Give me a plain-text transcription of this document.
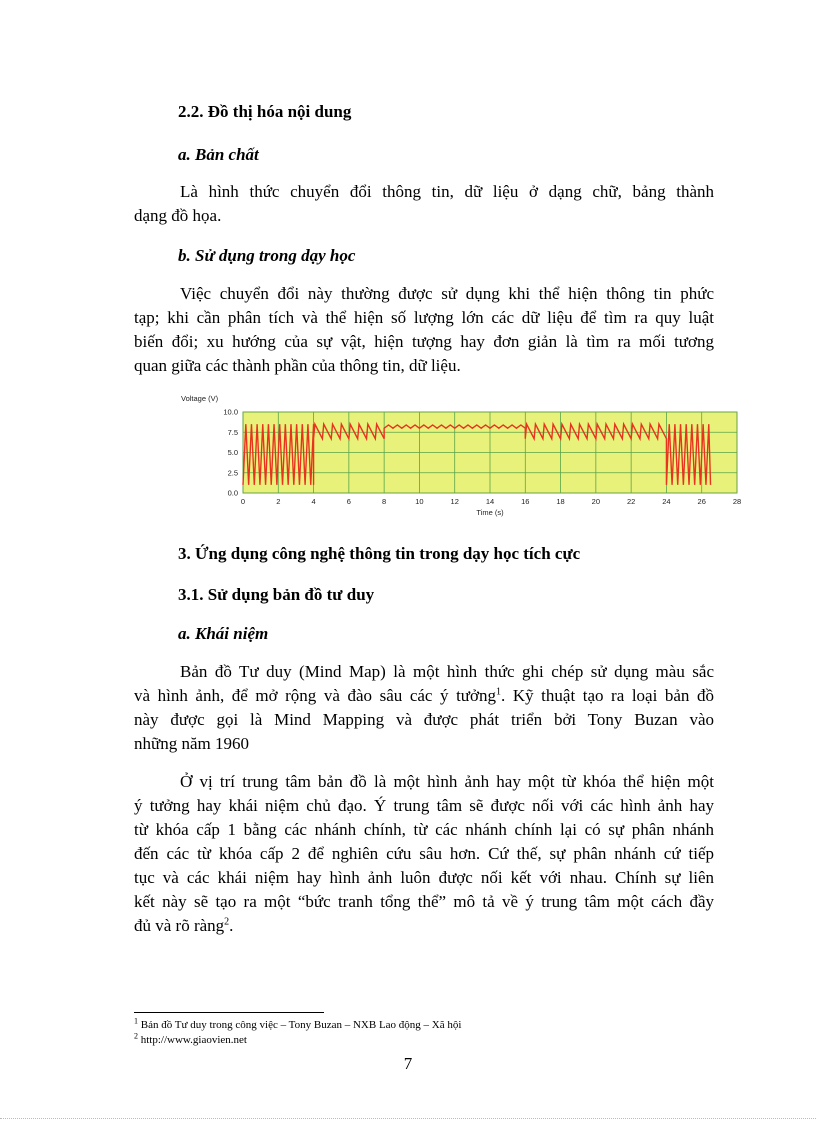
2.2. Đồ thị hóa nội dung
a. Bản chất
Là hình thức chuyển đổi thông tin, dữ liệu ở dạng chữ, bảng thành
dạng đồ họa.
b. Sử dụng trong dạy học
Việc chuyển đổi này thường được sử dụng khi thể hiện thông tin phức
tạp; khi cần phân tích và thể hiện số lượng lớn các dữ liệu để tìm ra quy luật
biến đổi; xu hướng của sự vật, hiện tượng hay đơn giản là tìm ra mối tương
quan giữa các thành phần của thông tin, dữ liệu.
Voltage (V)
10.0
7.5
5.0
2.5
0.0
0	2	4	6	8	10	12	14	16	18	20	22	24	26	28
Time (s)
3. Ứng dụng công nghệ thông tin trong dạy học tích cực
3.1. Sử dụng bản đồ tư duy
a. Khái niệm
Bản đồ Tư duy (Mind Map) là một hình thức ghi chép sử dụng màu sắc
và hình ảnh, để mở rộng và đào sâu các ý tưởng$^1$. Kỹ thuật tạo ra loại bản đồ
này được gọi là Mind Mapping và được phát triển bởi Tony Buzan vào
những năm 1960
Ở vị trí trung tâm bản đồ là một hình ảnh hay một từ khóa thể hiện một
ý tưởng hay khái niệm chủ đạo. Ý trung tâm sẽ được nối với các hình ảnh hay
từ khóa cấp 1 bằng các nhánh chính, từ các nhánh chính lại có sự phân nhánh
đến các từ khóa cấp 2 để nghiên cứu sâu hơn. Cứ thế, sự phân nhánh cứ tiếp
tục và các khái niệm hay hình ảnh luôn được nối kết với nhau. Chính sự liên
kết này sẽ tạo ra một “bức tranh tổng thể” mô tả về ý trung tâm một cách đầy
đủ và rõ ràng$^2$.
$^1$ Bản đồ Tư duy trong công việc – Tony Buzan – NXB Lao động – Xã hội
$^2$ http://www.giaovien.net
7
